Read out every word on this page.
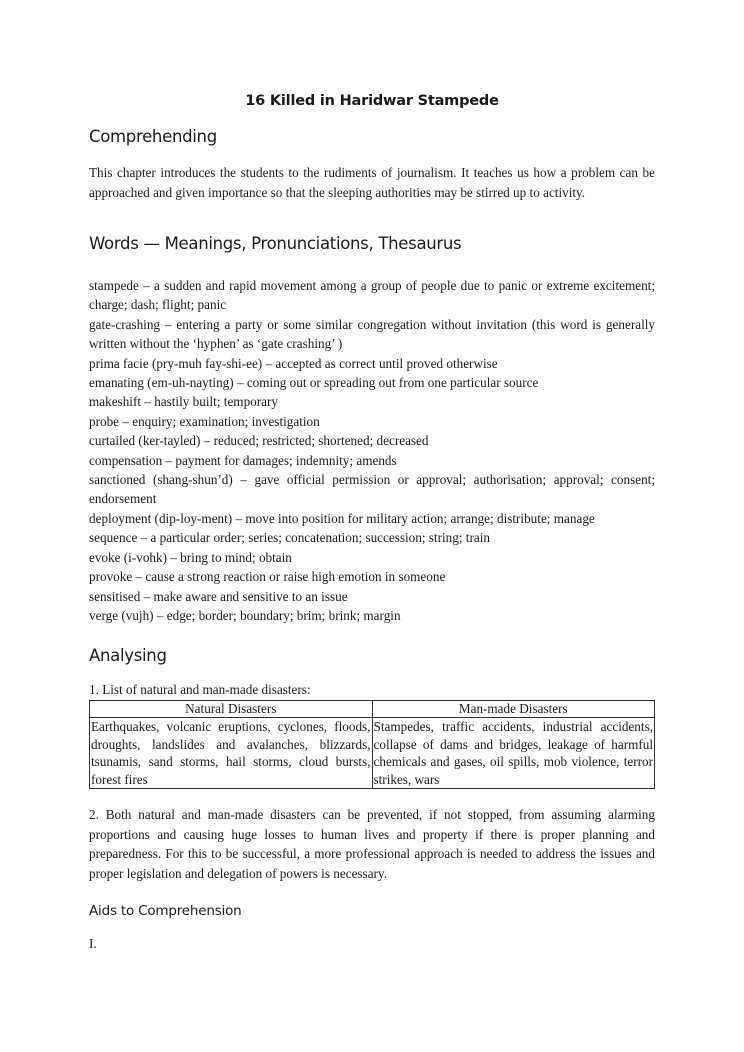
16 Killed in Haridwar Stampede
Comprehending

This chapter introduces the students to the rudiments of journalism. It teaches us how a problem can be approached and given importance so that the sleeping authorities may be stirred up to activity.

Words — Meanings, Pronunciations, Thesaurus
stampede – a sudden and rapid movement among a group of people due to panic or extreme excitement; charge; dash; flight; panic
gate-crashing – entering a party or some similar congregation without invitation (this word is generally written without the ‘hyphen’ as ‘gate crashing’ )
prima facie (pry-muh fay-shi-ee) – accepted as correct until proved otherwise
emanating (em-uh-nayting) – coming out or spreading out from one particular source
makeshift – hastily built; temporary
probe – enquiry; examination; investigation
curtailed (ker-tayled) – reduced; restricted; shortened; decreased
compensation – payment for damages; indemnity; amends
sanctioned (shang-shun’d) – gave official permission or approval; authorisation; approval; consent; endorsement
deployment (dip-loy-ment) – move into position for military action; arrange; distribute; manage
sequence – a particular order; series; concatenation; succession; string; train
evoke (i-vohk) – bring to mind; obtain
provoke – cause a strong reaction or raise high emotion in someone
sensitised – make aware and sensitive to an issue
verge (vujh) – edge; border; boundary; brim; brink; margin
Analysing
1. List of natural and man-made disasters:
Natural Disasters	Man-made Disasters
Earthquakes, volcanic eruptions, cyclones, floods, droughts, landslides and avalanches, blizzards, tsunamis, sand storms, hail storms, cloud bursts, forest fires	Stampedes, traffic accidents, industrial accidents, collapse of dams and bridges, leakage of harmful chemicals and gases, oil spills, mob violence, terror strikes, wars

2. Both natural and man-made disasters can be prevented, if not stopped, from assuming alarming proportions and causing huge losses to human lives and property if there is proper planning and preparedness. For this to be successful, a more professional approach is needed to address the issues and proper legislation and delegation of powers is necessary.

Aids to Comprehension
I.
